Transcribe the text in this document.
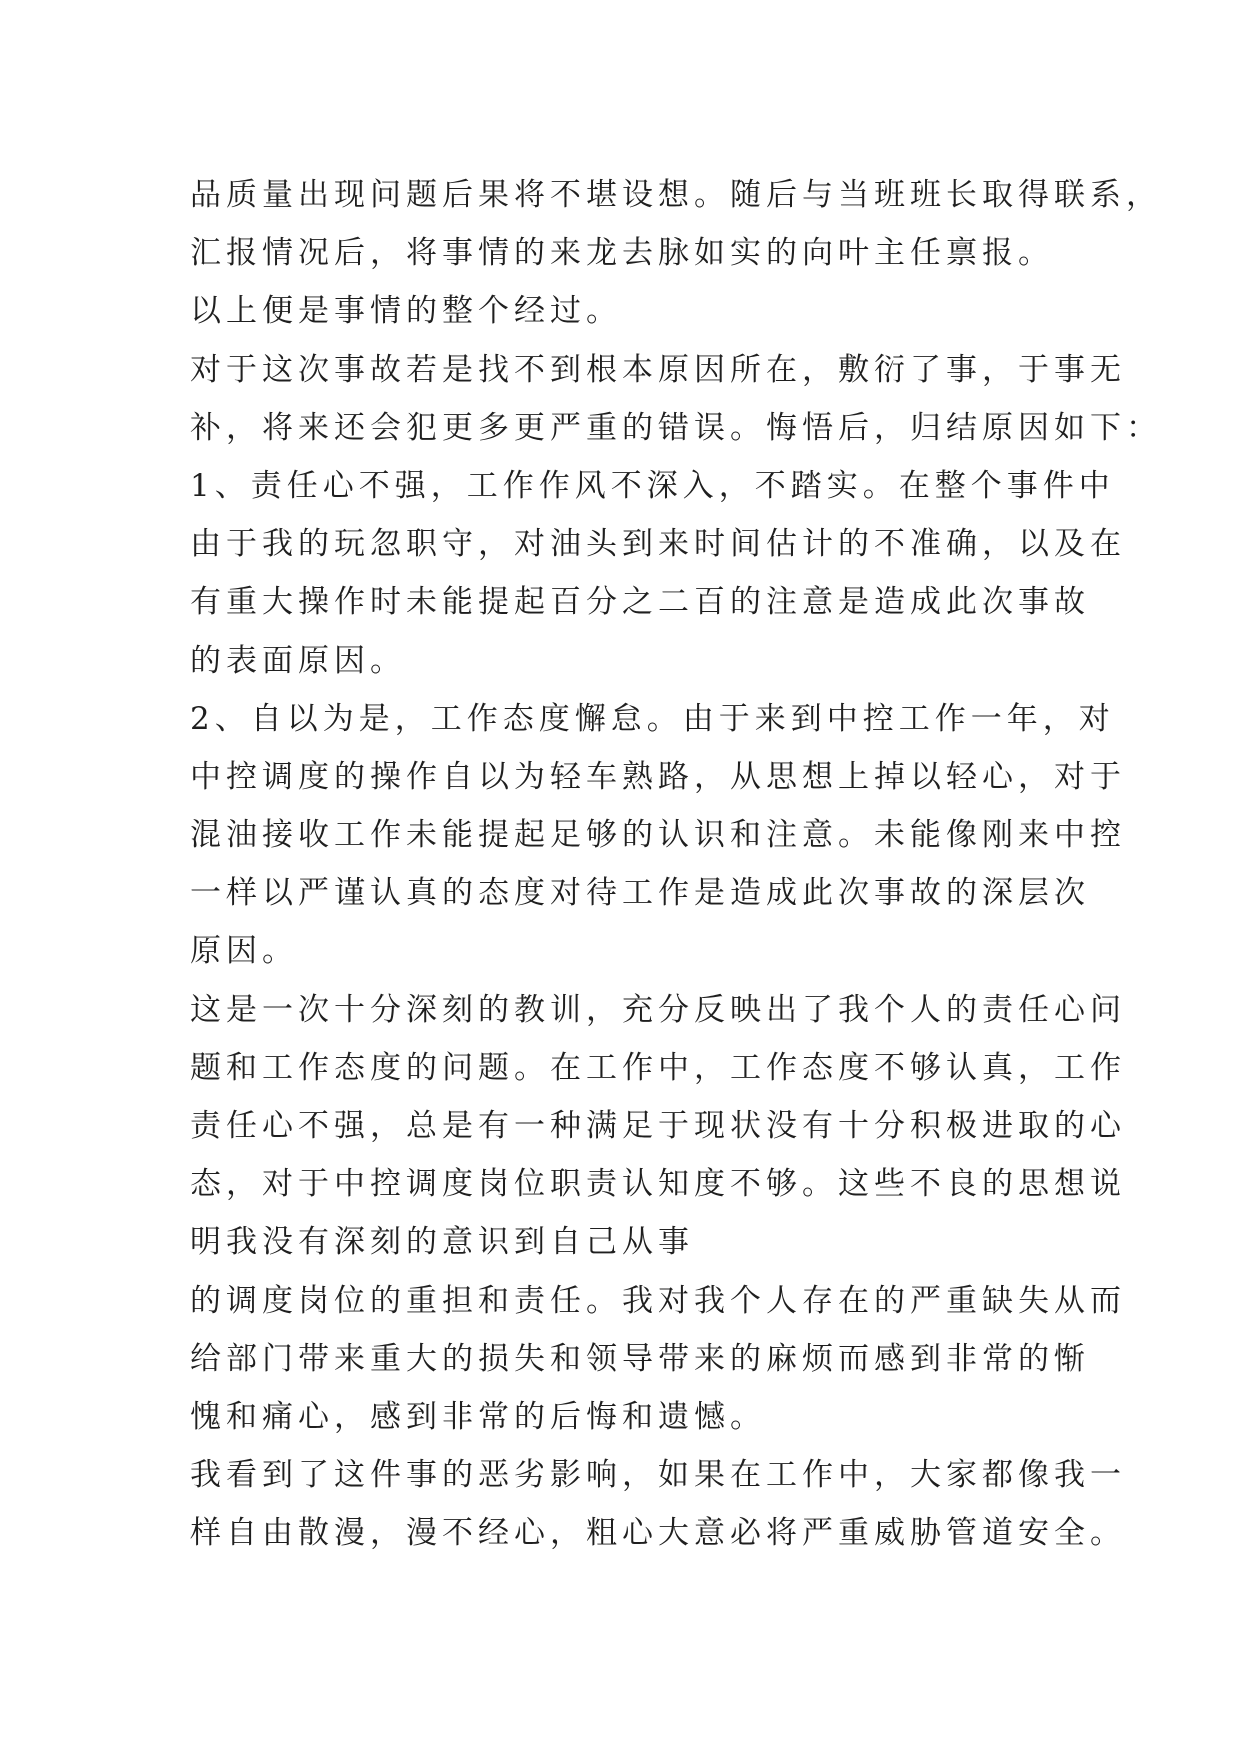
品质量出现问题后果将不堪设想。随后与当班班长取得联系，
汇报情况后，将事情的来龙去脉如实的向叶主任禀报。
以上便是事情的整个经过。
对于这次事故若是找不到根本原因所在，敷衍了事，于事无
补，将来还会犯更多更严重的错误。悔悟后，归结原因如下：
1、责任心不强，工作作风不深入，不踏实。在整个事件中
由于我的玩忽职守，对油头到来时间估计的不准确，以及在
有重大操作时未能提起百分之二百的注意是造成此次事故
的表面原因。
2、自以为是，工作态度懈怠。由于来到中控工作一年，对
中控调度的操作自以为轻车熟路，从思想上掉以轻心，对于
混油接收工作未能提起足够的认识和注意。未能像刚来中控
一样以严谨认真的态度对待工作是造成此次事故的深层次
原因。
这是一次十分深刻的教训，充分反映出了我个人的责任心问
题和工作态度的问题。在工作中，工作态度不够认真，工作
责任心不强，总是有一种满足于现状没有十分积极进取的心
态，对于中控调度岗位职责认知度不够。这些不良的思想说
明我没有深刻的意识到自己从事
的调度岗位的重担和责任。我对我个人存在的严重缺失从而
给部门带来重大的损失和领导带来的麻烦而感到非常的惭
愧和痛心，感到非常的后悔和遗憾。
我看到了这件事的恶劣影响，如果在工作中，大家都像我一
样自由散漫，漫不经心，粗心大意必将严重威胁管道安全。
